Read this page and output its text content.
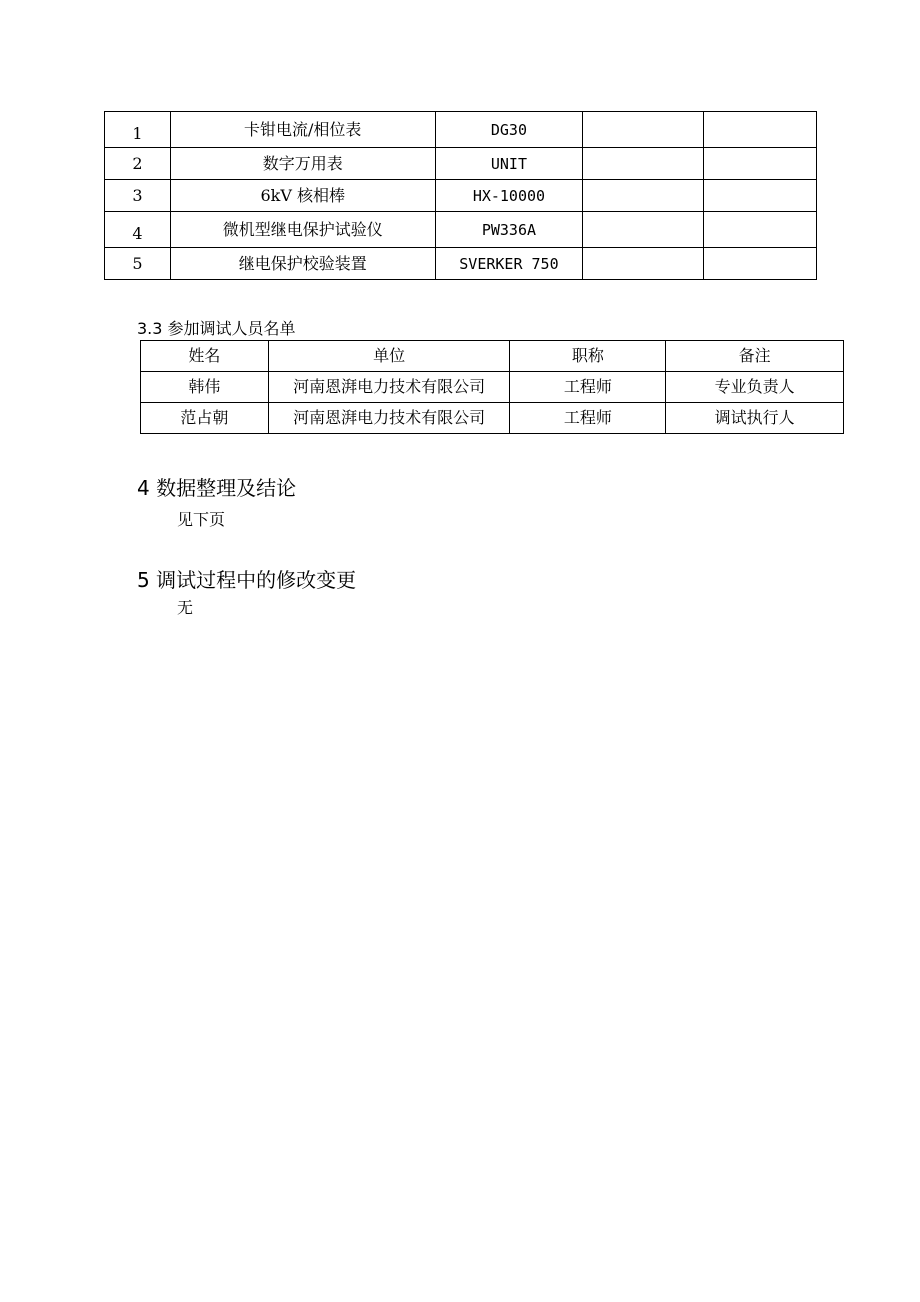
1	卡钳电流/相位表	DG30		
2	数字万用表	UNIT		
3	6kV 核相棒	HX-10000		
4	微机型继电保护试验仪	PW336A		
5	继电保护校验装置	SVERKER 750		
3.3 参加调试人员名单
姓名	单位	职称	备注
韩伟	河南恩湃电力技术有限公司	工程师	专业负责人
范占朝	河南恩湃电力技术有限公司	工程师	调试执行人
4 数据整理及结论
见下页
5 调试过程中的修改变更
无
